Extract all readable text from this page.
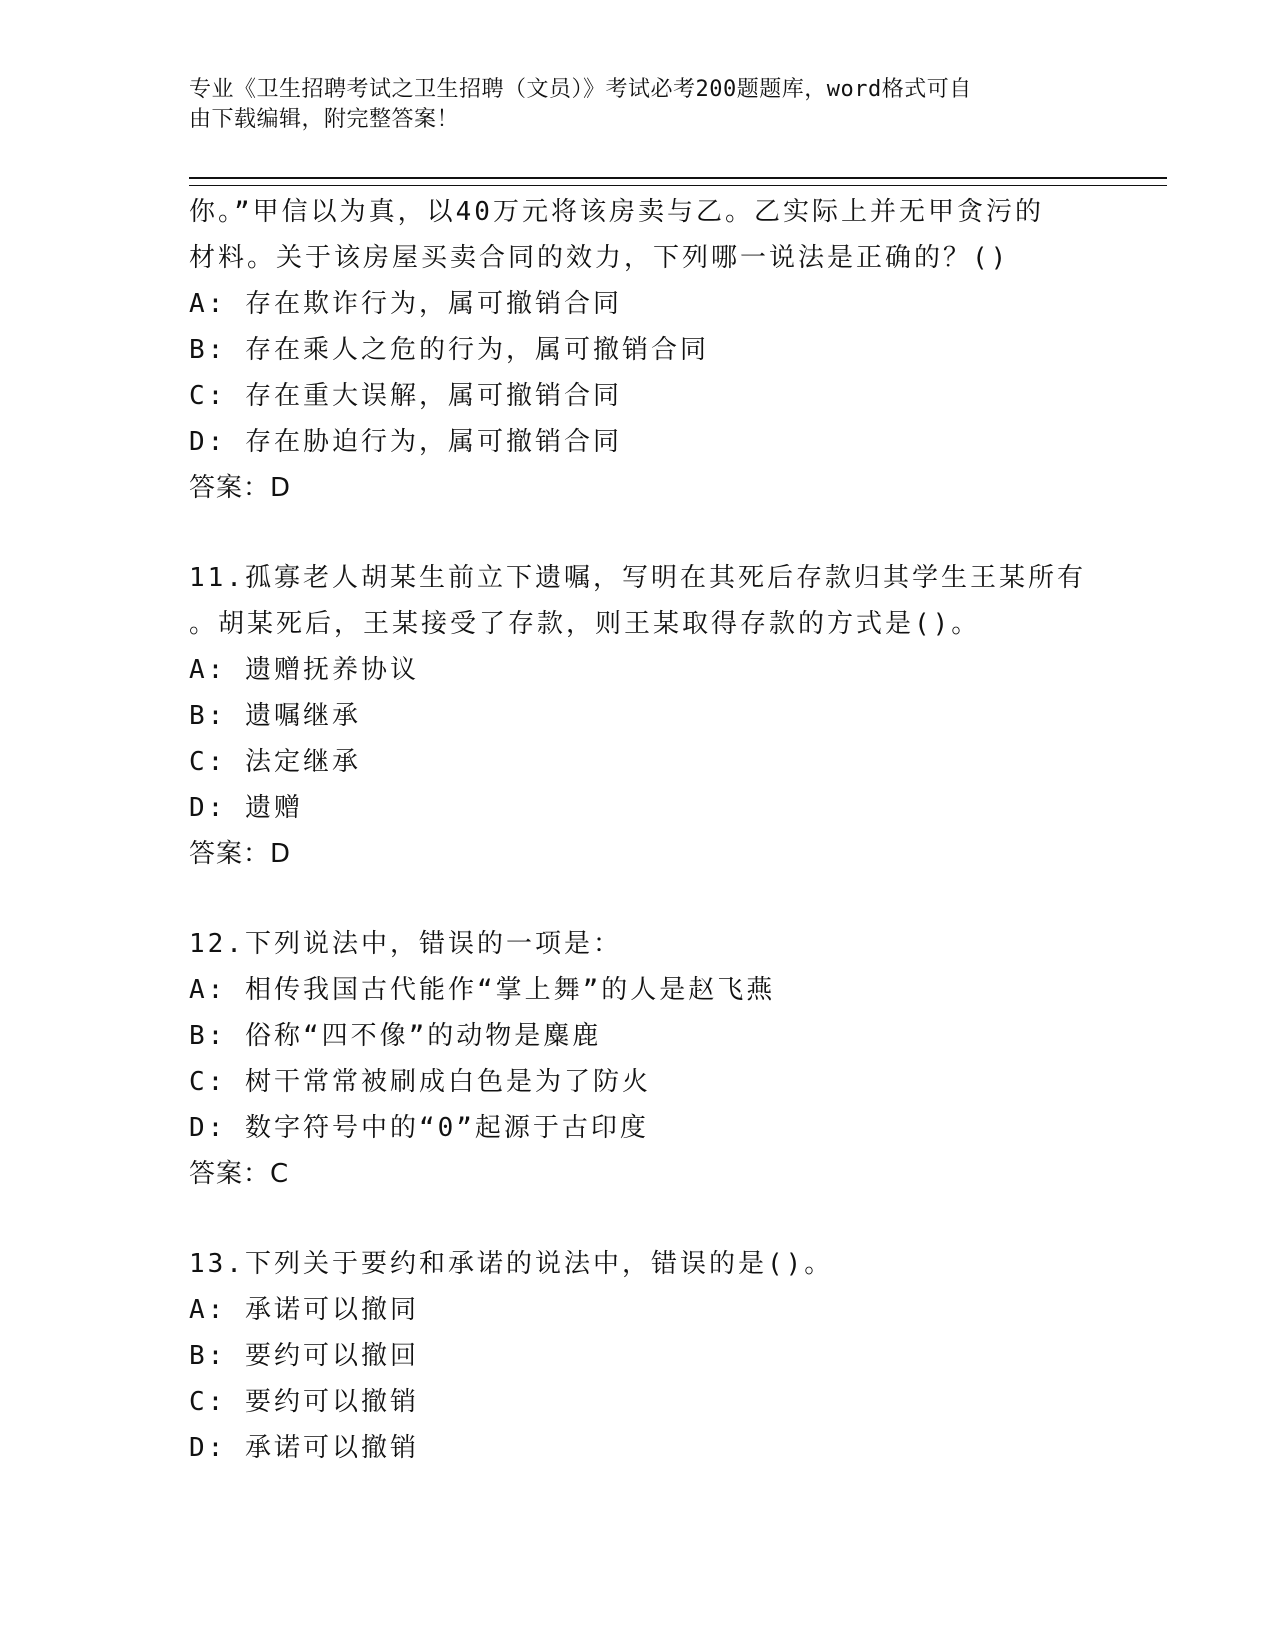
专业《卫生招聘考试之卫生招聘（文员）》考试必考200题题库，word格式可自
由下载编辑，附完整答案！
你。”甲信以为真，以40万元将该房卖与乙。乙实际上并无甲贪污的
材料。关于该房屋买卖合同的效力，下列哪一说法是正确的？()
A: 存在欺诈行为，属可撤销合同
B: 存在乘人之危的行为，属可撤销合同
C: 存在重大误解，属可撤销合同
D: 存在胁迫行为，属可撤销合同
答案：D
11.孤寡老人胡某生前立下遗嘱，写明在其死后存款归其学生王某所有
。胡某死后，王某接受了存款，则王某取得存款的方式是()。
A: 遗赠抚养协议
B: 遗嘱继承
C: 法定继承
D: 遗赠
答案：D
12.下列说法中，错误的一项是：
A: 相传我国古代能作“掌上舞”的人是赵飞燕
B: 俗称“四不像”的动物是麋鹿
C: 树干常常被刷成白色是为了防火
D: 数字符号中的“0”起源于古印度
答案：C
13.下列关于要约和承诺的说法中，错误的是()。
A: 承诺可以撤同
B: 要约可以撤回
C: 要约可以撤销
D: 承诺可以撤销
